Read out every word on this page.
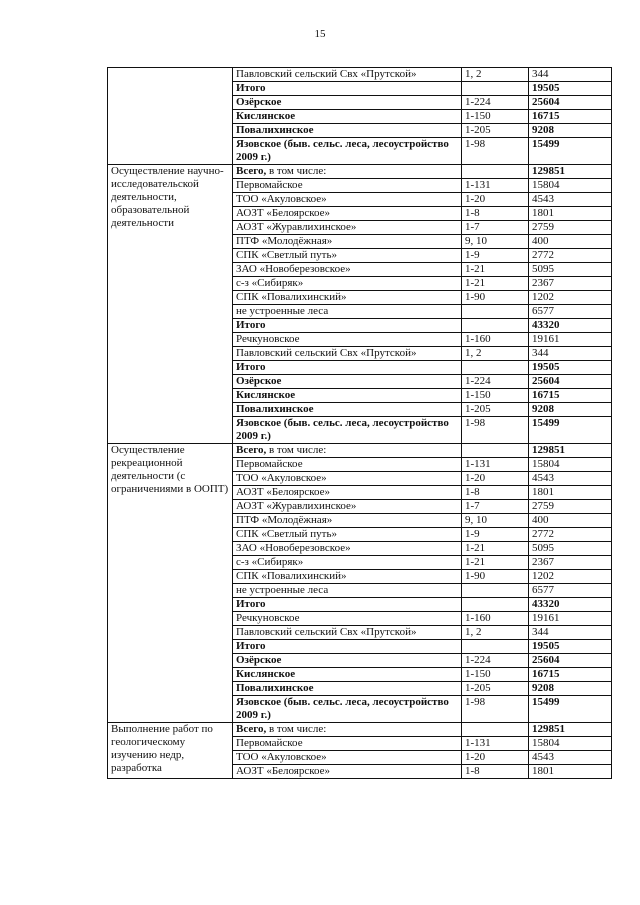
15
	Павловский сельский Свх «Прутской»	1, 2	344
	Итого		19505
	Озёрское	1-224	25604
	Кислянское	1-150	16715
	Повалихинское	1-205	9208
	Язовское (быв. сельс. леса, лесоустройство 2009 г.)	1-98	15499

Осуществление научно-исследовательской деятельности, образовательной деятельности	Всего, в том числе:		129851
	Первомайское	1-131	15804
	ТОО «Акуловское»	1-20	4543
	АОЗТ «Белоярское»	1-8	1801
	АОЗТ «Журавлихинское»	1-7	2759
	ПТФ «Молодёжная»	9, 10	400
	СПК «Светлый путь»	1-9	2772
	ЗАО «Новоберезовское»	1-21	5095
	с-з «Сибиряк»	1-21	2367
	СПК «Повалихинский»	1-90	1202
	не устроенные леса		6577
	Итого		43320
	Речкуновское	1-160	19161
	Павловский сельский Свх «Прутской»	1, 2	344
	Итого		19505
	Озёрское	1-224	25604
	Кислянское	1-150	16715
	Повалихинское	1-205	9208
	Язовское (быв. сельс. леса, лесоустройство 2009 г.)	1-98	15499

Осуществление рекреационной деятельности (с ограничениями в ООПТ)	Всего, в том числе:		129851
	Первомайское	1-131	15804
	ТОО «Акуловское»	1-20	4543
	АОЗТ «Белоярское»	1-8	1801
	АОЗТ «Журавлихинское»	1-7	2759
	ПТФ «Молодёжная»	9, 10	400
	СПК «Светлый путь»	1-9	2772
	ЗАО «Новоберезовское»	1-21	5095
	с-з «Сибиряк»	1-21	2367
	СПК «Повалихинский»	1-90	1202
	не устроенные леса		6577
	Итого		43320
	Речкуновское	1-160	19161
	Павловский сельский Свх «Прутской»	1, 2	344
	Итого		19505
	Озёрское	1-224	25604
	Кислянское	1-150	16715
	Повалихинское	1-205	9208
	Язовское (быв. сельс. леса, лесоустройство 2009 г.)	1-98	15499

Выполнение работ по геологическому изучению недр, разработка	Всего, в том числе:		129851
	Первомайское	1-131	15804
	ТОО «Акуловское»	1-20	4543
	АОЗТ «Белоярское»	1-8	1801
